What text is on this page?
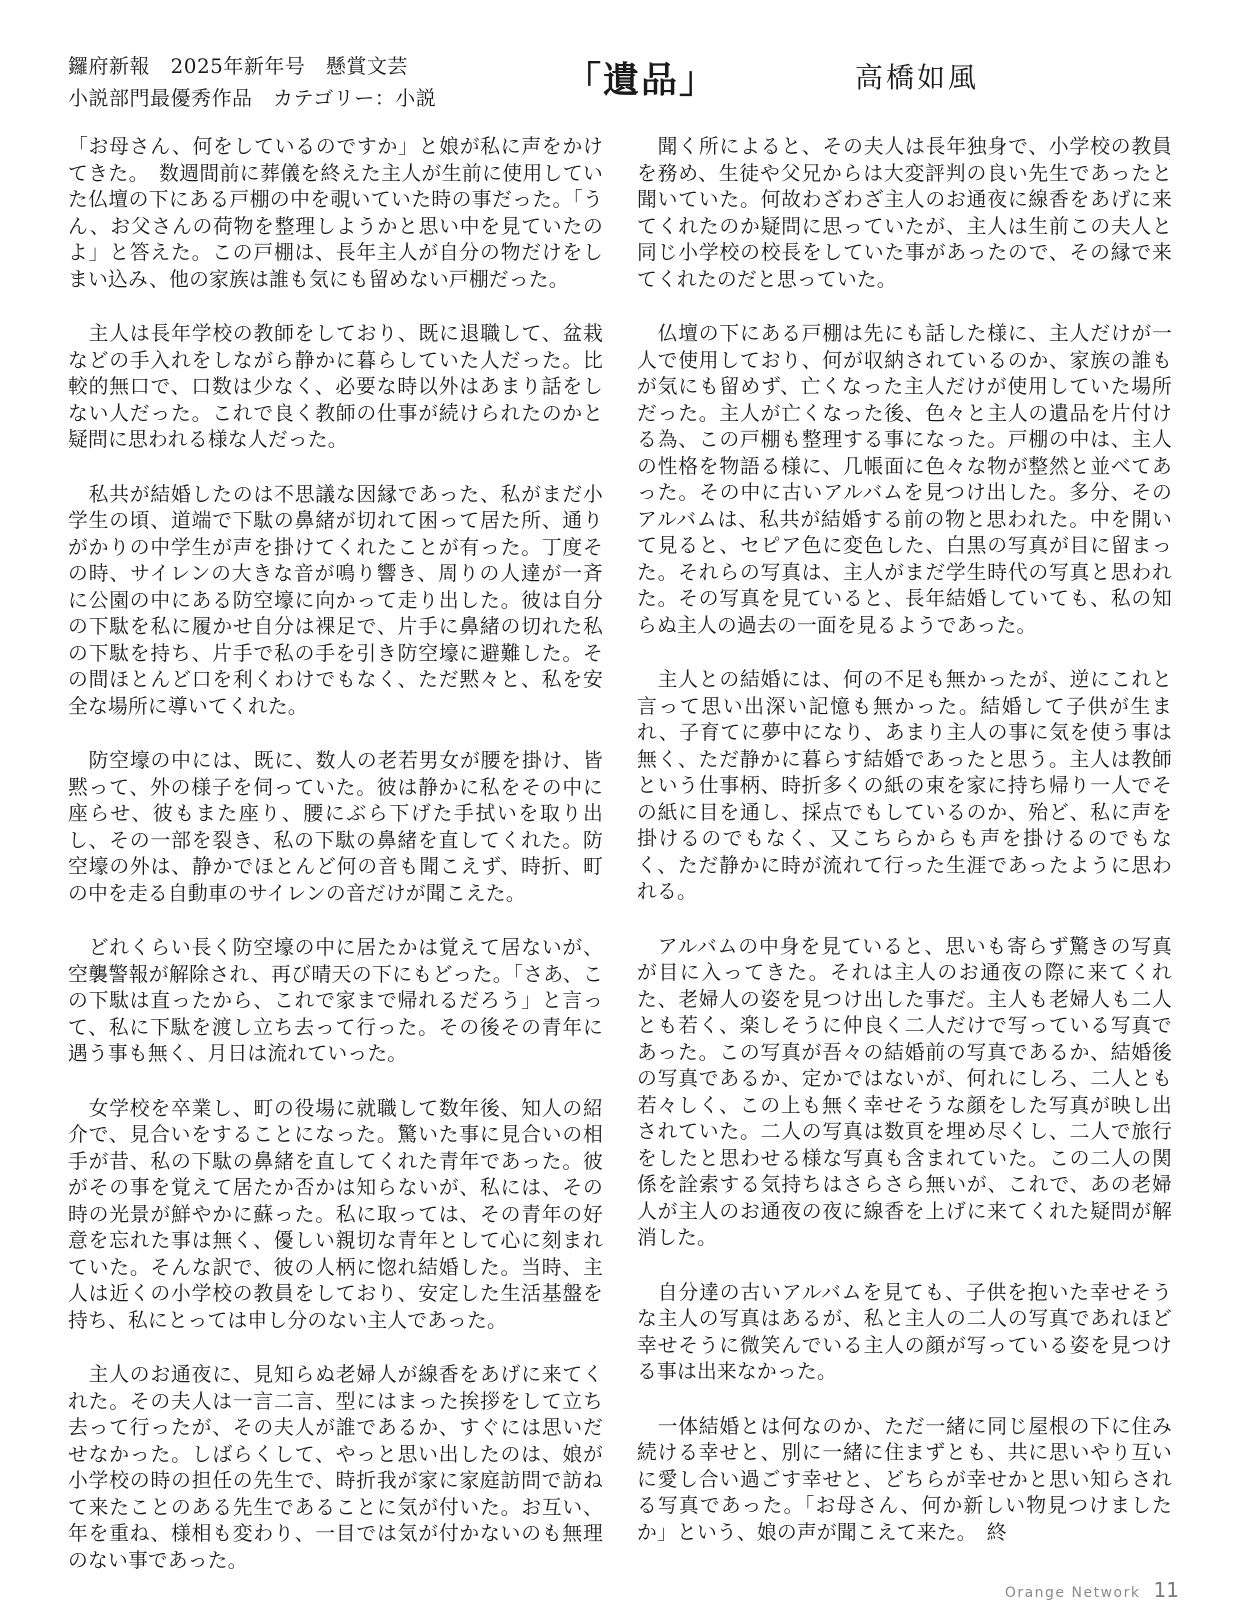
鑼府新報　2025年新年号　懸賞文芸
小説部門最優秀作品　カテゴリー：小説	「遺品」	高橋如風

「お母さん、何をしているのですか」と娘が私に声をかけてきた。　数週間前に葬儀を終えた主人が生前に使用していた仏壇の下にある戸棚の中を覗いていた時の事だった。「うん、お父さんの荷物を整理しようかと思い中を見ていたのよ」と答えた。この戸棚は、長年主人が自分の物だけをしまい込み、他の家族は誰も気にも留めない戸棚だった。

　主人は長年学校の教師をしており、既に退職して、盆栽などの手入れをしながら静かに暮らしていた人だった。比較的無口で、口数は少なく、必要な時以外はあまり話をしない人だった。これで良く教師の仕事が続けられたのかと疑問に思われる様な人だった。

　私共が結婚したのは不思議な因縁であった、私がまだ小学生の頃、道端で下駄の鼻緒が切れて困って居た所、通りがかりの中学生が声を掛けてくれたことが有った。丁度その時、サイレンの大きな音が鳴り響き、周りの人達が一斉に公園の中にある防空壕に向かって走り出した。彼は自分の下駄を私に履かせ自分は裸足で、片手に鼻緒の切れた私の下駄を持ち、片手で私の手を引き防空壕に避難した。その間ほとんど口を利くわけでもなく、ただ黙々と、私を安全な場所に導いてくれた。

　防空壕の中には、既に、数人の老若男女が腰を掛け、皆黙って、外の様子を伺っていた。彼は静かに私をその中に座らせ、彼もまた座り、腰にぶら下げた手拭いを取り出し、その一部を裂き、私の下駄の鼻緒を直してくれた。防空壕の外は、静かでほとんど何の音も聞こえず、時折、町の中を走る自動車のサイレンの音だけが聞こえた。

　どれくらい長く防空壕の中に居たかは覚えて居ないが、空襲警報が解除され、再び晴天の下にもどった。「さあ、この下駄は直ったから、これで家まで帰れるだろう」と言って、私に下駄を渡し立ち去って行った。その後その青年に遇う事も無く、月日は流れていった。

　女学校を卒業し、町の役場に就職して数年後、知人の紹介で、見合いをすることになった。驚いた事に見合いの相手が昔、私の下駄の鼻緒を直してくれた青年であった。彼がその事を覚えて居たか否かは知らないが、私には、その時の光景が鮮やかに蘇った。私に取っては、その青年の好意を忘れた事は無く、優しい親切な青年として心に刻まれていた。そんな訳で、彼の人柄に惚れ結婚した。当時、主人は近くの小学校の教員をしており、安定した生活基盤を持ち、私にとっては申し分のない主人であった。

　主人のお通夜に、見知らぬ老婦人が線香をあげに来てくれた。その夫人は一言二言、型にはまった挨拶をして立ち去って行ったが、その夫人が誰であるか、すぐには思いだせなかった。しばらくして、やっと思い出したのは、娘が小学校の時の担任の先生で、時折我が家に家庭訪問で訪ねて来たことのある先生であることに気が付いた。お互い、年を重ね、様相も変わり、一目では気が付かないのも無理のない事であった。

　聞く所によると、その夫人は長年独身で、小学校の教員を務め、生徒や父兄からは大変評判の良い先生であったと聞いていた。何故わざわざ主人のお通夜に線香をあげに来てくれたのか疑問に思っていたが、主人は生前この夫人と同じ小学校の校長をしていた事があったので、その縁で来てくれたのだと思っていた。

　仏壇の下にある戸棚は先にも話した様に、主人だけが一人で使用しており、何が収納されているのか、家族の誰もが気にも留めず、亡くなった主人だけが使用していた場所だった。主人が亡くなった後、色々と主人の遺品を片付ける為、この戸棚も整理する事になった。戸棚の中は、主人の性格を物語る様に、几帳面に色々な物が整然と並べてあった。その中に古いアルバムを見つけ出した。多分、そのアルバムは、私共が結婚する前の物と思われた。中を開いて見ると、セピア色に変色した、白黒の写真が目に留まった。それらの写真は、主人がまだ学生時代の写真と思われた。その写真を見ていると、長年結婚していても、私の知らぬ主人の過去の一面を見るようであった。

　主人との結婚には、何の不足も無かったが、逆にこれと言って思い出深い記憶も無かった。結婚して子供が生まれ、子育てに夢中になり、あまり主人の事に気を使う事は無く、ただ静かに暮らす結婚であったと思う。主人は教師という仕事柄、時折多くの紙の束を家に持ち帰り一人でその紙に目を通し、採点でもしているのか、殆ど、私に声を掛けるのでもなく、又こちらからも声を掛けるのでもなく、ただ静かに時が流れて行った生涯であったように思われる。

　アルバムの中身を見ていると、思いも寄らず驚きの写真が目に入ってきた。それは主人のお通夜の際に来てくれた、老婦人の姿を見つけ出した事だ。主人も老婦人も二人とも若く、楽しそうに仲良く二人だけで写っている写真であった。この写真が吾々の結婚前の写真であるか、結婚後の写真であるか、定かではないが、何れにしろ、二人とも若々しく、この上も無く幸せそうな顔をした写真が映し出されていた。二人の写真は数頁を埋め尽くし、二人で旅行をしたと思わせる様な写真も含まれていた。この二人の関係を詮索する気持ちはさらさら無いが、これで、あの老婦人が主人のお通夜の夜に線香を上げに来てくれた疑問が解消した。

　自分達の古いアルバムを見ても、子供を抱いた幸せそうな主人の写真はあるが、私と主人の二人の写真であれほど幸せそうに微笑んでいる主人の顔が写っている姿を見つける事は出来なかった。

　一体結婚とは何なのか、ただ一緒に同じ屋根の下に住み続ける幸せと、別に一緒に住まずとも、共に思いやり互いに愛し合い過ごす幸せと、どちらが幸せかと思い知らされる写真であった。「お母さん、何か新しい物見つけましたか」という、娘の声が聞こえて来た。　終

Orange Network 11
